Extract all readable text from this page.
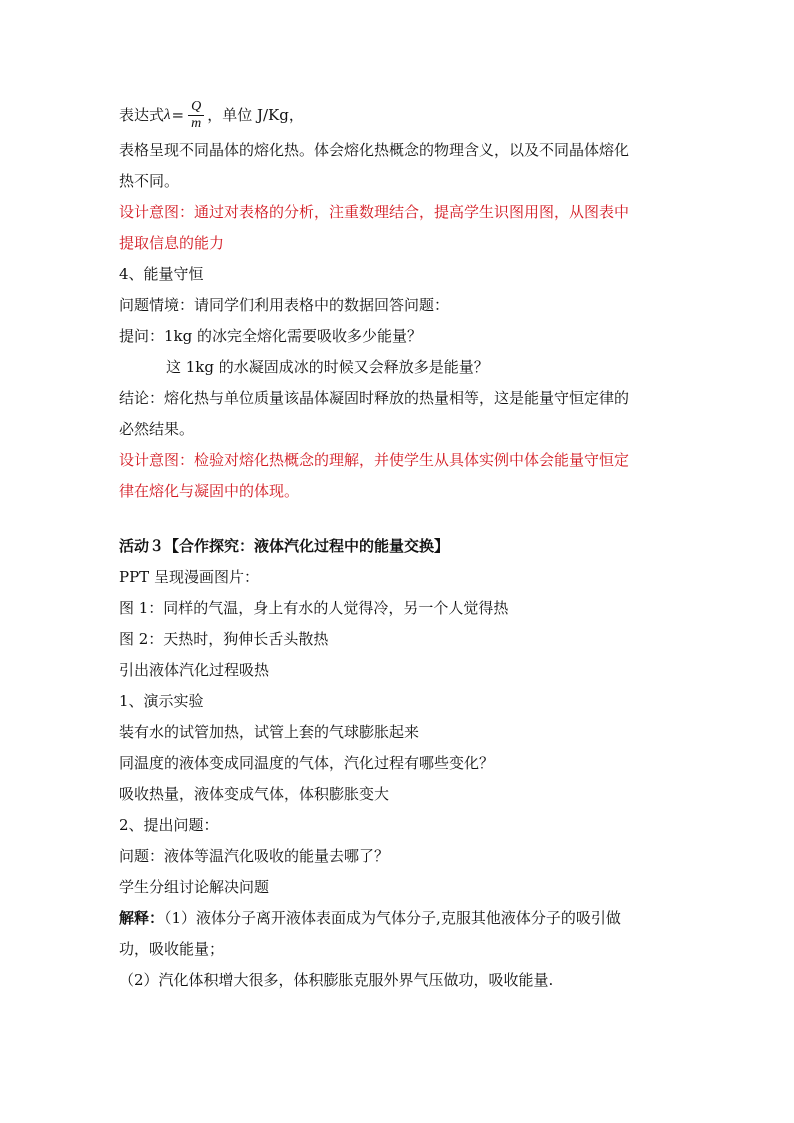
表达式 $\lambda = \frac{Q}{m}$ ，单位 J/Kg，
表格呈现不同晶体的熔化热。体会熔化热概念的物理含义，以及不同晶体熔化
热不同。
设计意图：通过对表格的分析，注重数理结合，提高学生识图用图，从图表中
提取信息的能力
4、能量守恒
问题情境：请同学们利用表格中的数据回答问题：
提问：1kg 的冰完全熔化需要吸收多少能量？
这 1kg 的水凝固成冰的时候又会释放多是能量？
结论：熔化热与单位质量该晶体凝固时释放的热量相等，这是能量守恒定律的
必然结果。
设计意图：检验对熔化热概念的理解，并使学生从具体实例中体会能量守恒定
律在熔化与凝固中的体现。
活动３【合作探究：液体汽化过程中的能量交换】
PPT 呈现漫画图片：
图 1：同样的气温，身上有水的人觉得冷，另一个人觉得热
图 2：天热时，狗伸长舌头散热
引出液体汽化过程吸热
1、演示实验
装有水的试管加热，试管上套的气球膨胀起来
同温度的液体变成同温度的气体，汽化过程有哪些变化？
吸收热量，液体变成气体，体积膨胀变大
2、提出问题：
问题：液体等温汽化吸收的能量去哪了？
学生分组讨论解决问题
解释：（1）液体分子离开液体表面成为气体分子,克服其他液体分子的吸引做
功，吸收能量；
（2）汽化体积增大很多，体积膨胀克服外界气压做功，吸收能量.
